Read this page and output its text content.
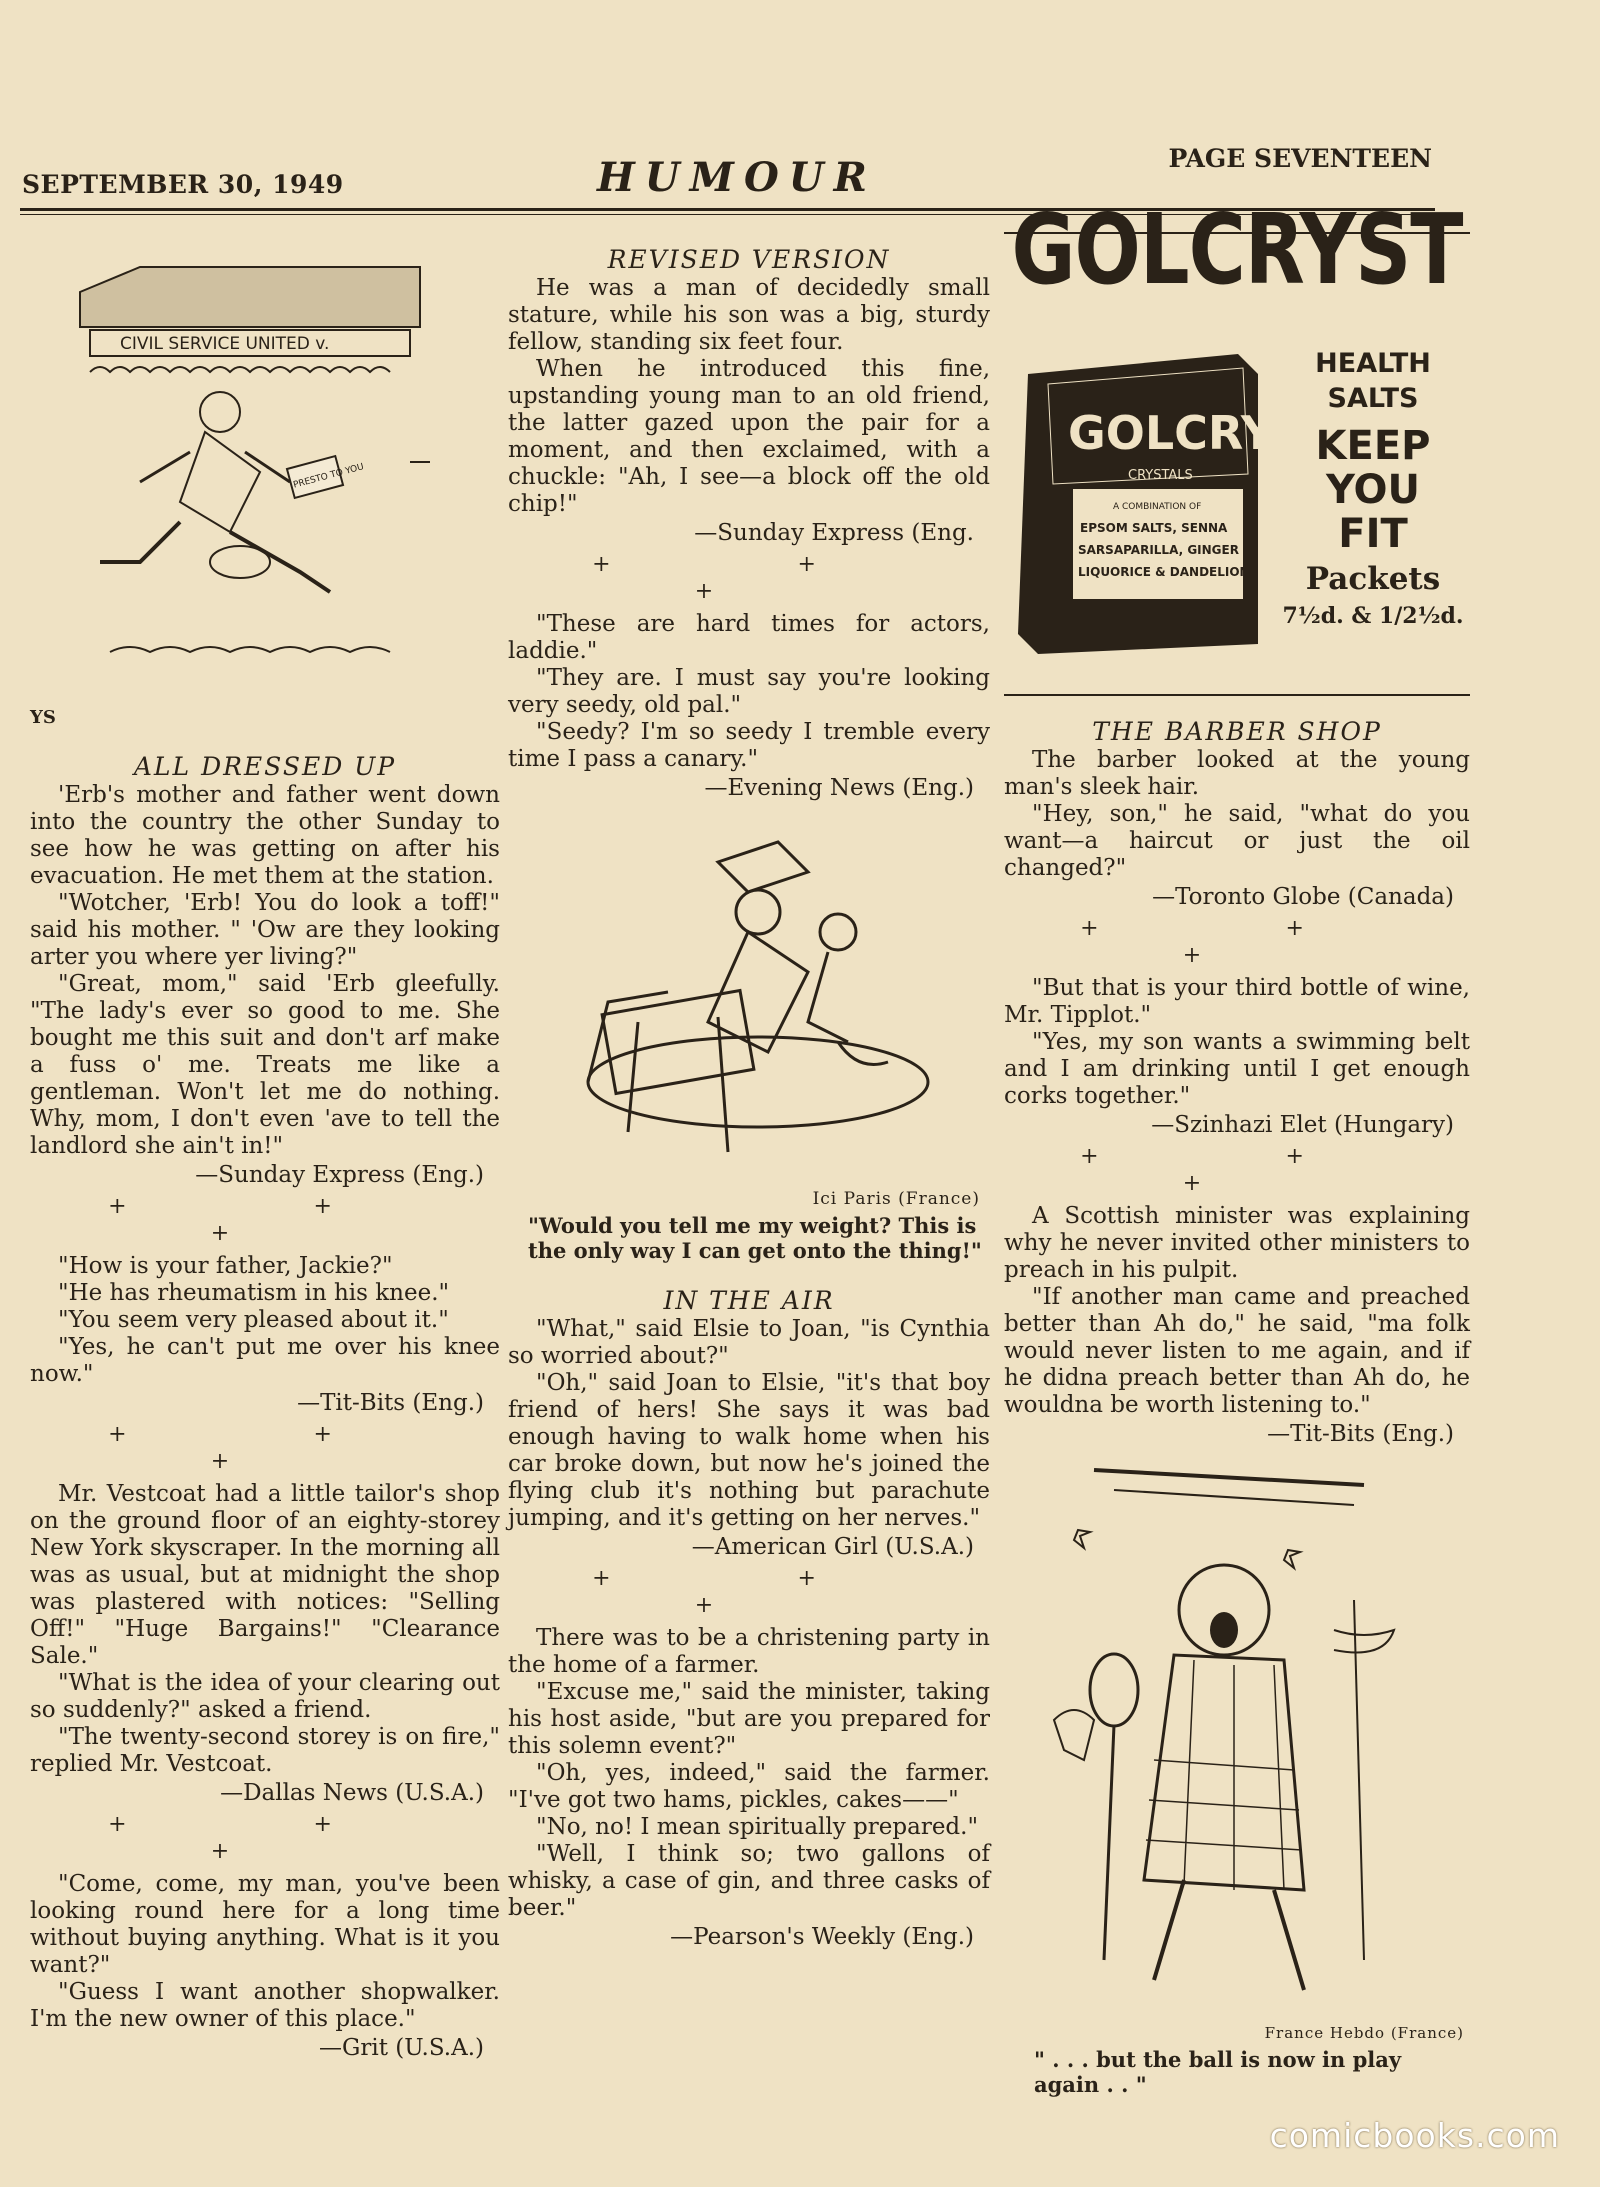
SEPTEMBER 30, 1949	HUMOUR	PAGE SEVENTEEN
CIVIL SERVICE UNITED v.
PRESTO TO YOU
YS
ALL DRESSED UP

'Erb's mother and father went down into the country the other Sunday to see how he was getting on after his evacuation. He met them at the station.

"Wotcher, 'Erb! You do look a toff!" said his mother. " 'Ow are they looking arter you where yer living?"

"Great, mom," said 'Erb gleefully. "The lady's ever so good to me. She bought me this suit and don't arf make a fuss o' me. Treats me like a gentleman. Won't let me do nothing. Why, mom, I don't even 'ave to tell the landlord she ain't in!"

—Sunday Express (Eng.)

+ + +

"How is your father, Jackie?"

"He has rheumatism in his knee."

"You seem very pleased about it."

"Yes, he can't put me over his knee now."

—Tit-Bits (Eng.)

+ + +

Mr. Vestcoat had a little tailor's shop on the ground floor of an eighty-storey New York skyscraper. In the morning all was as usual, but at midnight the shop was plastered with notices: "Selling Off!" "Huge Bargains!" "Clearance Sale."

"What is the idea of your clearing out so suddenly?" asked a friend.

"The twenty-second storey is on fire," replied Mr. Vestcoat.

—Dallas News (U.S.A.)

+ + +

"Come, come, my man, you've been looking round here for a long time without buying anything. What is it you want?"

"Guess I want another shopwalker. I'm the new owner of this place."

—Grit (U.S.A.)

REVISED VERSION

He was a man of decidedly small stature, while his son was a big, sturdy fellow, standing six feet four.

When he introduced this fine, upstanding young man to an old friend, the latter gazed upon the pair for a moment, and then exclaimed, with a chuckle: "Ah, I see—a block off the old chip!"

—Sunday Express (Eng.

+ + +

"These are hard times for actors, laddie."

"They are. I must say you're looking very seedy, old pal."

"Seedy? I'm so seedy I tremble every time I pass a canary."

—Evening News (Eng.)

Ici Paris (France)
"Would you tell me my weight? This is the only way I can get onto the thing!"
IN THE AIR

"What," said Elsie to Joan, "is Cynthia so worried about?"

"Oh," said Joan to Elsie, "it's that boy friend of hers! She says it was bad enough having to walk home when his car broke down, but now he's joined the flying club it's nothing but parachute jumping, and it's getting on her nerves."

—American Girl (U.S.A.)

+ + +

There was to be a christening party in the home of a farmer.

"Excuse me," said the minister, taking his host aside, "but are you prepared for this solemn event?"

"Oh, yes, indeed," said the farmer. "I've got two hams, pickles, cakes——"

"No, no! I mean spiritually prepared."

"Well, I think so; two gallons of whisky, a case of gin, and three casks of beer."

—Pearson's Weekly (Eng.)

GOLCRYST
GOLCRYST
CRYSTALS
A COMBINATION OF
EPSOM SALTS, SENNA
SARSAPARILLA, GINGER
LIQUORICE & DANDELION
HEALTH
SALTS
KEEP
YOU
FIT
Packets
7½d. & 1/2½d.
THE BARBER SHOP

The barber looked at the young man's sleek hair.

"Hey, son," he said, "what do you want—a haircut or just the oil changed?"

—Toronto Globe (Canada)

+ + +

"But that is your third bottle of wine, Mr. Tipplot."

"Yes, my son wants a swimming belt and I am drinking until I get enough corks together."

—Szinhazi Elet (Hungary)

+ + +

A Scottish minister was explaining why he never invited other ministers to preach in his pulpit.

"If another man came and preached better than Ah do," he said, "ma folk would never listen to me again, and if he didna preach better than Ah do, he wouldna be worth listening to."

—Tit-Bits (Eng.)

France Hebdo (France)
" . . . but the ball is now in play again . . "
comicbooks.com
